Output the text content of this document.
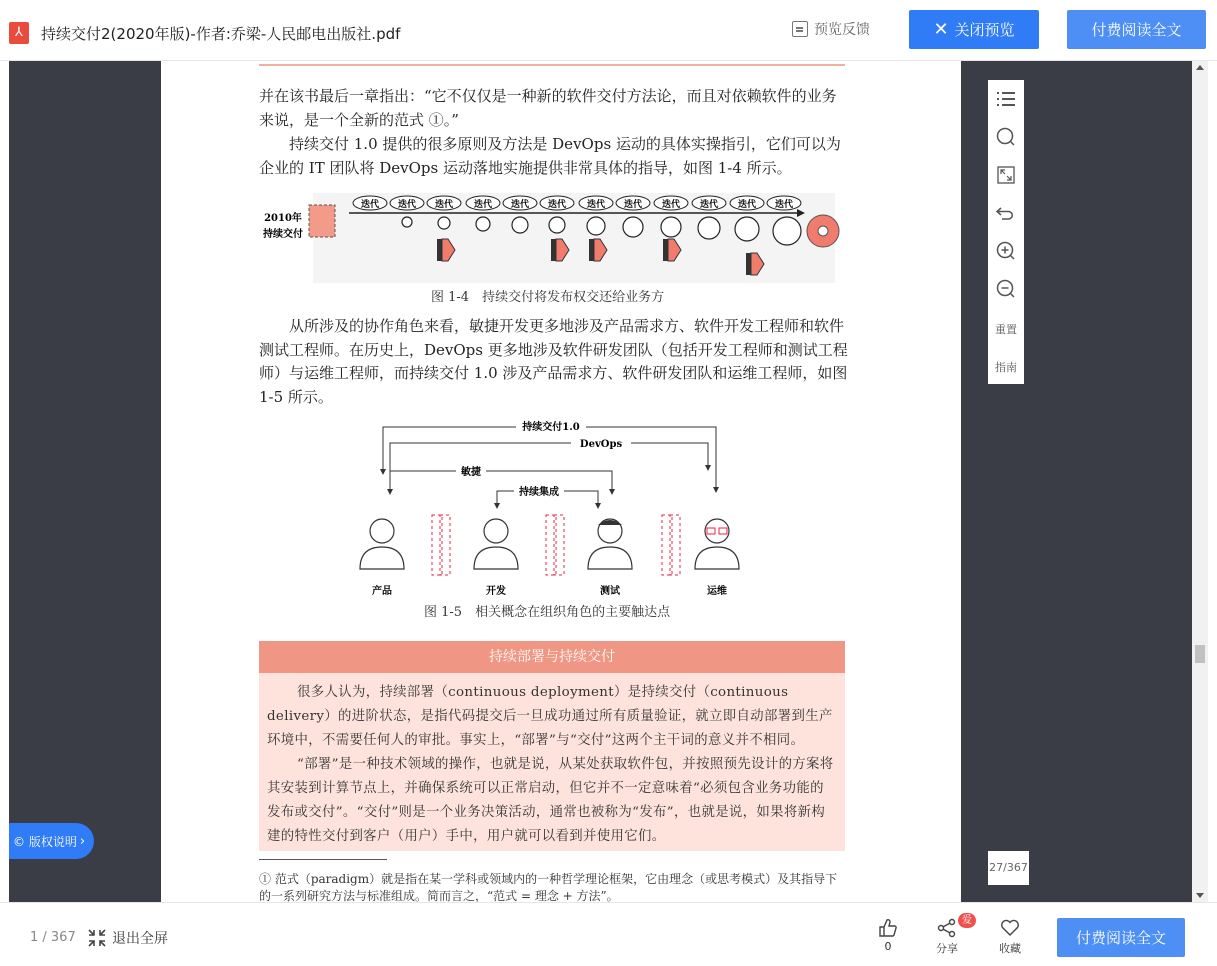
⅄	持续交付2(2020年版)-作者:乔梁-人民邮电出版社.pdf	预览反馈	✕ 关闭预览	付费阅读全文
并在该书最后一章指出：“它不仅仅是一种新的软件交付方法论，而且对依赖软件的业务来说，是一个全新的范式 ①。”
持续交付 1.0 提供的很多原则及方法是 DevOps 运动的具体实操指引，它们可以为企业的 IT 团队将 DevOps 运动落地实施提供非常具体的指导，如图 1-4 所示。
2010年
持续交付
迭代 迭代 迭代 迭代 迭代 迭代 迭代 迭代 迭代 迭代 迭代 迭代
图 1-4　持续交付将发布权交还给业务方
从所涉及的协作角色来看，敏捷开发更多地涉及产品需求方、软件开发工程师和软件测试工程师。在历史上，DevOps 更多地涉及软件研发团队（包括开发工程师和测试工程师）与运维工程师，而持续交付 1.0 涉及产品需求方、软件研发团队和运维工程师，如图 1-5 所示。
持续交付1.0
DevOps
敏捷
持续集成
产品	开发	测试	运维
图 1-5　相关概念在组织角色的主要触达点
持续部署与持续交付

很多人认为，持续部署（continuous deployment）是持续交付（continuous delivery）的进阶状态，是指代码提交后一旦成功通过所有质量验证，就立即自动部署到生产环境中，不需要任何人的审批。事实上，“部署”与“交付”这两个主干词的意义并不相同。

“部署”是一种技术领域的操作，也就是说，从某处获取软件包，并按照预先设计的方案将其安装到计算节点上，并确保系统可以正常启动，但它并不一定意味着“必须包含业务功能的发布或交付”。“交付”则是一个业务决策活动，通常也被称为“发布”，也就是说，如果将新构建的特性交付到客户（用户）手中，用户就可以看到并使用它们。

① 范式（paradigm）就是指在某一学科或领域内的一种哲学理论框架，它由理念（或思考模式）及其指导下的一系列研究方法与标准组成。简而言之，“范式 = 理念 + 方法”。
重置
指南
27/367
© 版权说明 ›
1 / 367	退出全屏	0
爱
分享	收藏
付费阅读全文
